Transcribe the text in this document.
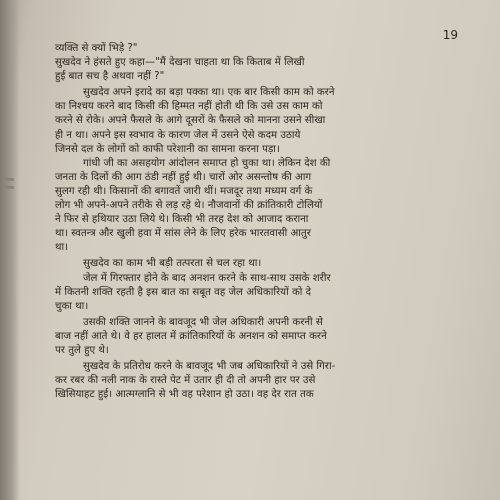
19

व्यक्ति से क्यों भिड़े ?"
सुखदेव ने हंसते हुए कहा—"मैं देखना चाहता था कि किताब में लिखी
हुई बात सच है अथवा नहीं ?"

सुखदेव अपने इरादे का बड़ा पक्का था। एक बार किसी काम को करने
का निश्चय करने बाद किसी की हिम्मत नहीं होती थी कि उसे उस काम को
करने से रोके। अपने फैसले के आगे दूसरों के फैसले को मानना उसने सीखा
ही न था। अपने इस स्वभाव के कारण जेल में उसने ऐसे कदम उठाये
जिनसे दल के लोगों को काफी परेशानी का सामना करना पड़ा।

गांधी जी का असहयोग आंदोलन समाप्त हो चुका था। लेकिन देश की
जनता के दिलों की आग ठंडी नहीं हुई थी। चारों ओर असन्तोष की आग
सुलग रही थी। किसानों की बगावतें जारी थीं। मजदूर तथा मध्यम वर्ग के
लोग भी अपने-अपने तरीके से लड़ रहे थे। नौजवानों की क्रांतिकारी टोलियों
ने फिर से हथियार उठा लिये थे। किसी भी तरह देश को आजाद कराना
था। स्वतन्त्र और खुली हवा में सांस लेने के लिए हरेक भारतवासी आतुर
था।

सुखदेव का काम भी बड़ी तत्परता से चल रहा था।

जेल में गिरफ्तार होने के बाद अनशन करने के साथ-साथ उसके शरीर
में कितनी शक्ति रहती है इस बात का सबूत वह जेल अधिकारियों को दे
चुका था।

उसकी शक्ति जानने के बावजूद भी जेल अधिकारी अपनी करनी से
बाज नहीं आते थे। वे हर हालत में क्रांतिकारियों के अनशन को समाप्त करने
पर तुले हुए थे।

सुखदेव के प्रतिरोध करने के बावजूद भी जब अधिकारियों ने उसे गिरा-
कर रबर की नली नाक के रास्ते पेट में उतार ही दी तो अपनी हार पर उसे
खिसियाहट हुई। आत्मग्लानि से भी वह परेशान हो उठा। वह देर रात तक
